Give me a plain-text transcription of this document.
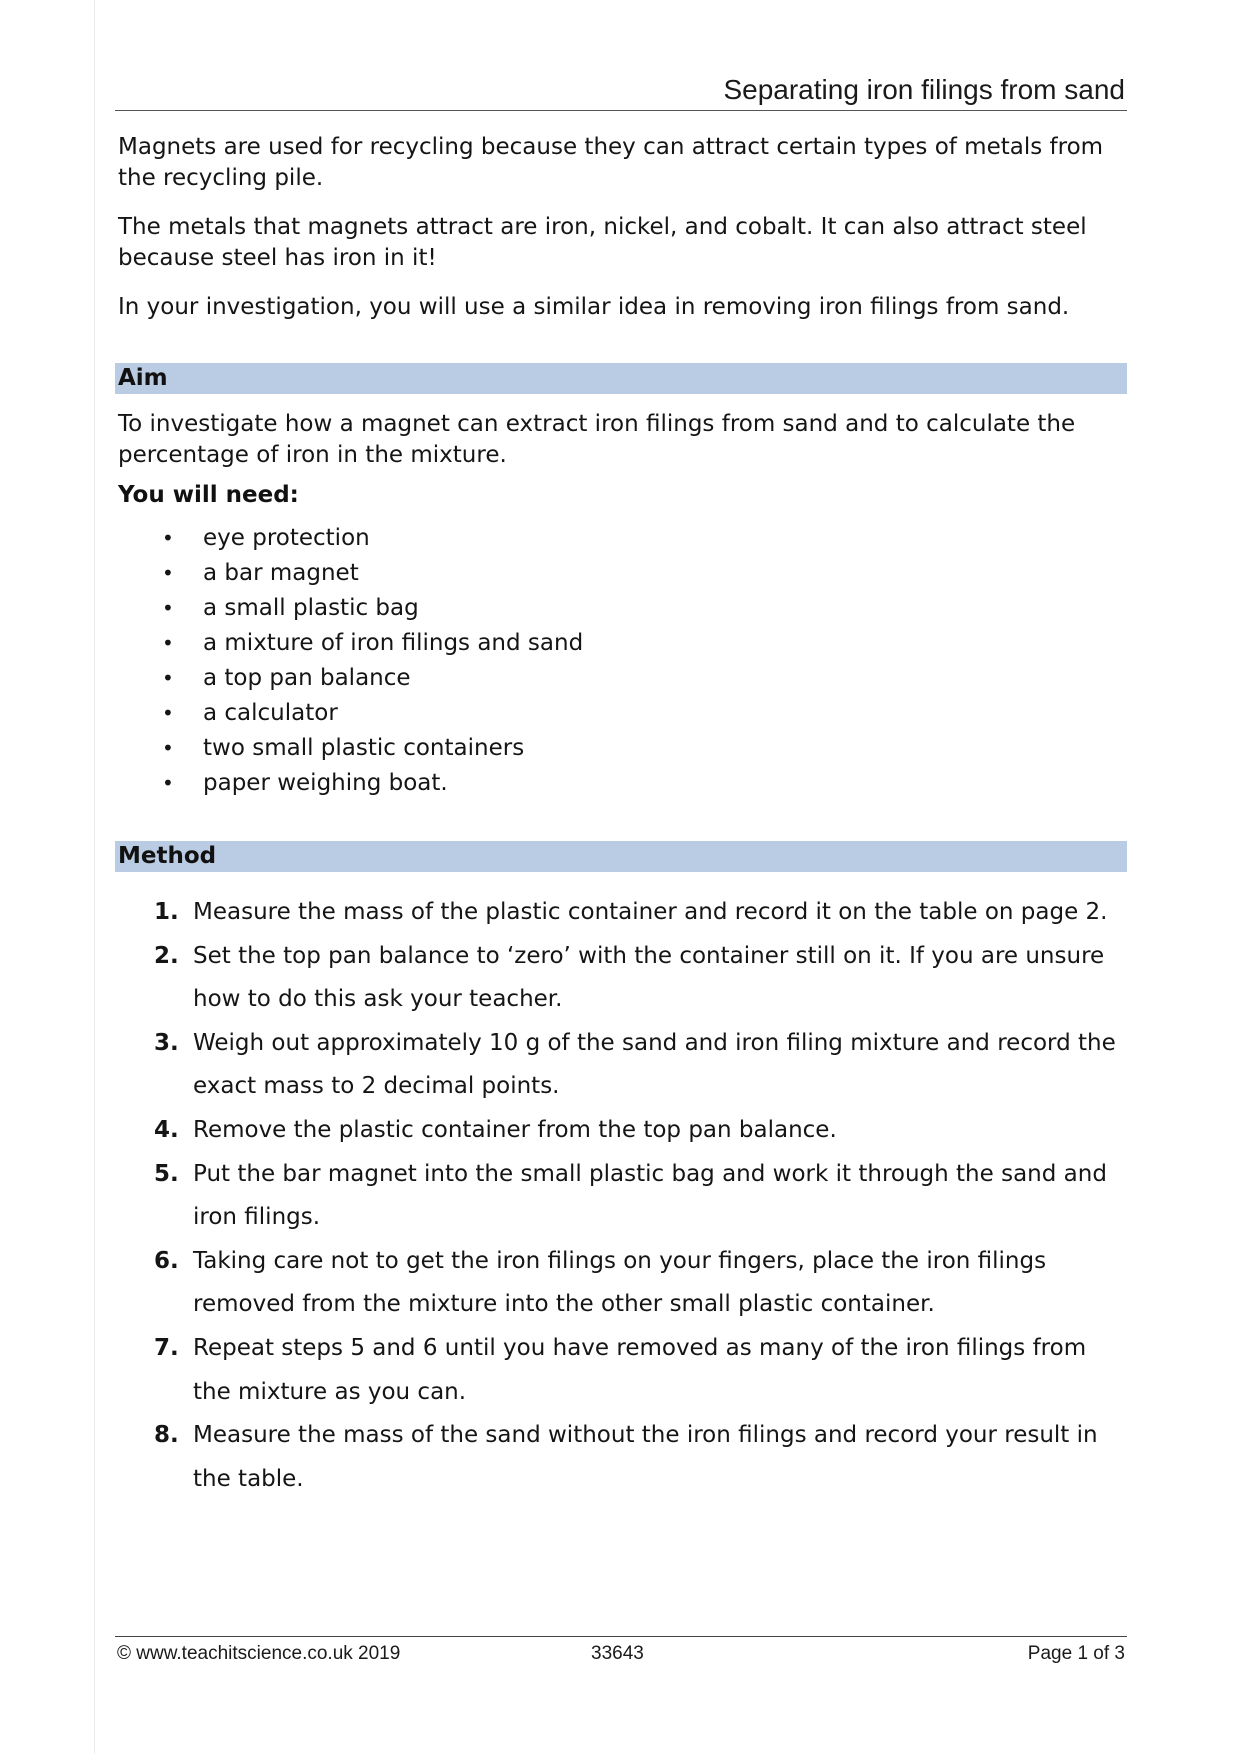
Separating iron filings from sand

Magnets are used for recycling because they can attract certain types of metals from the recycling pile.

The metals that magnets attract are iron, nickel, and cobalt. It can also attract steel because steel has iron in it!

In your investigation, you will use a similar idea in removing iron filings from sand.

Aim

To investigate how a magnet can extract iron filings from sand and to calculate the percentage of iron in the mixture.

You will need:
• eye protection
• a bar magnet
• a small plastic bag
• a mixture of iron filings and sand
• a top pan balance
• a calculator
• two small plastic containers
• paper weighing boat.
Method
1. Measure the mass of the plastic container and record it on the table on page 2.
2. Set the top pan balance to ‘zero’ with the container still on it. If you are unsure how to do this ask your teacher.
3. Weigh out approximately 10 g of the sand and iron filing mixture and record the exact mass to 2 decimal points.
4. Remove the plastic container from the top pan balance.
5. Put the bar magnet into the small plastic bag and work it through the sand and iron filings.
6. Taking care not to get the iron filings on your fingers, place the iron filings removed from the mixture into the other small plastic container.
7. Repeat steps 5 and 6 until you have removed as many of the iron filings from the mixture as you can.
8. Measure the mass of the sand without the iron filings and record your result in the table.
© www.teachitscience.co.uk 2019	33643	Page 1 of 3
